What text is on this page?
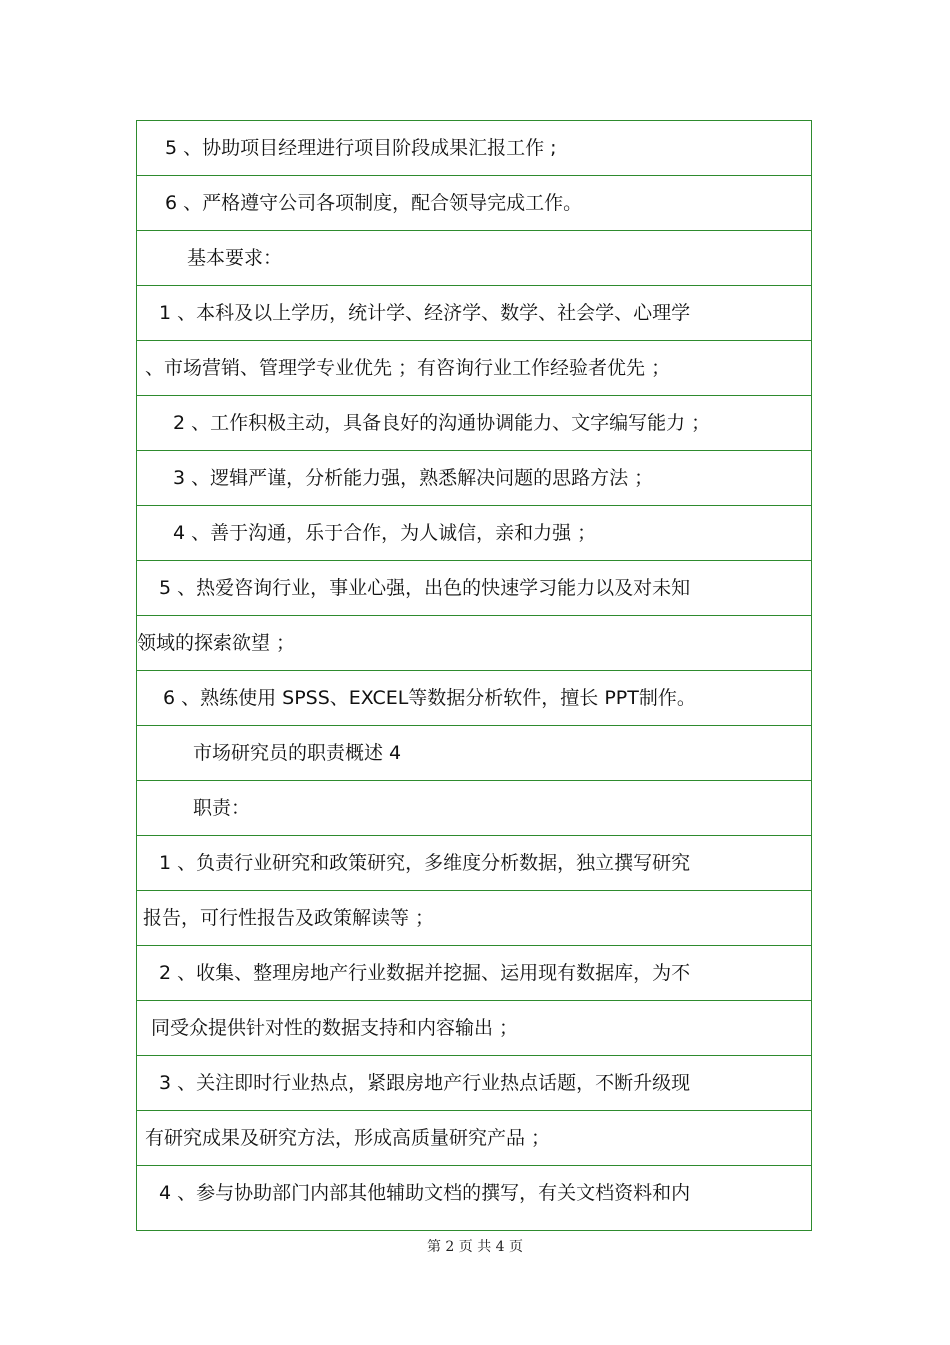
5 、协助项目经理进行项目阶段成果汇报工作 ;
6 、严格遵守公司各项制度，配合领导完成工作。
基本要求：
1 、本科及以上学历，统计学、经济学、数学、社会学、心理学
、市场营销、管理学专业优先 ；有咨询行业工作经验者优先 ；
2 、工作积极主动，具备良好的沟通协调能力、文字编写能力 ；
3 、逻辑严谨，分析能力强，熟悉解决问题的思路方法 ；
4 、善于沟通，乐于合作，为人诚信，亲和力强 ；
5 、热爱咨询行业，事业心强，出色的快速学习能力以及对未知
领域的探索欲望 ；
6 、熟练使用 SPSS、EXCEL等数据分析软件，擅长 PPT制作。
市场研究员的职责概述 4
职责：
1 、负责行业研究和政策研究，多维度分析数据，独立撰写研究
报告，可行性报告及政策解读等 ；
2 、收集、整理房地产行业数据并挖掘、运用现有数据库，为不
同受众提供针对性的数据支持和内容输出 ；
3 、关注即时行业热点，紧跟房地产行业热点话题，不断升级现
有研究成果及研究方法，形成高质量研究产品 ；
4 、参与协助部门内部其他辅助文档的撰写，有关文档资料和内
第 2 页 共 4 页
